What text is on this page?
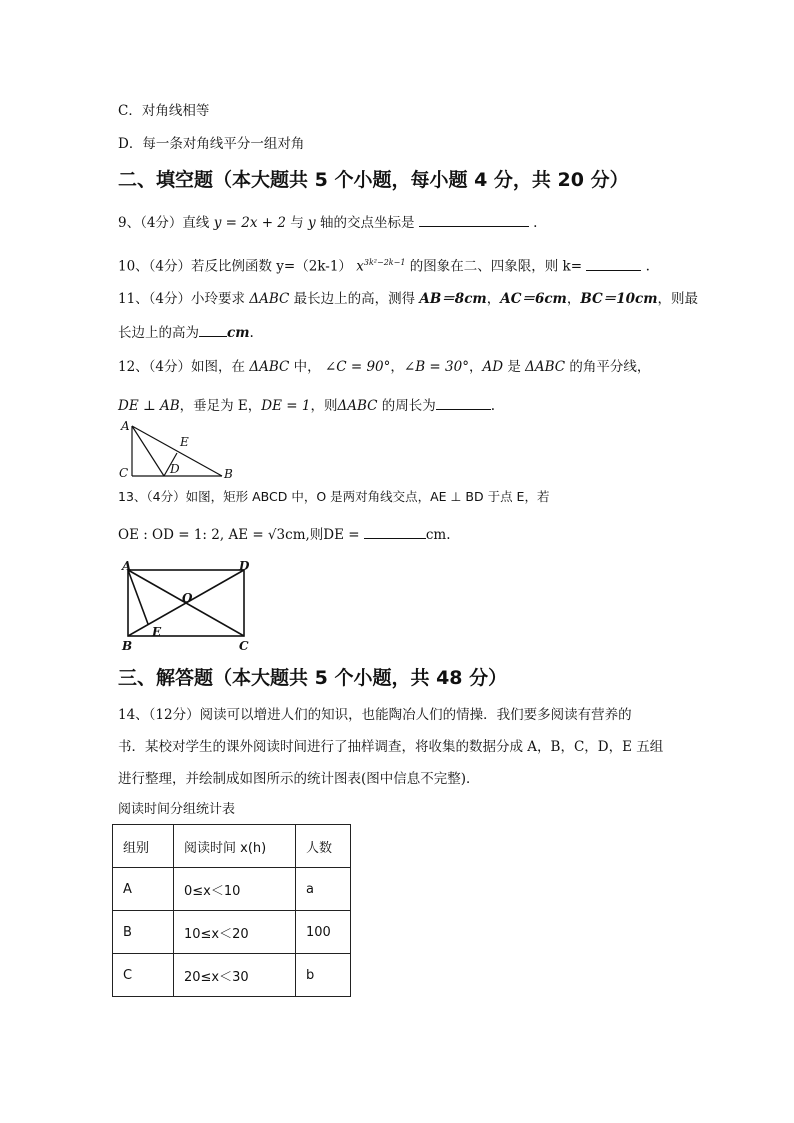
C．对角线相等
D．每一条对角线平分一组对角
二、填空题（本大题共 5 个小题，每小题 4 分，共 20 分）
9、（4分）直线 y = 2x + 2 与 y 轴的交点坐标是	.
10、（4分）若反比例函数 y=（2k-1） $x^{3k^2-2k-1}$ 的图象在二、四象限，则 k=	.
11、（4分）小玲要求 ΔABC 最长边上的高，测得 AB＝8cm，AC＝6cm，BC＝10cm，则最
长边上的高为 cm.
12、（4分）如图，在 ΔABC 中， ∠C = 90°，∠B = 30°，AD 是 ΔABC 的角平分线，
DE ⊥ AB，垂足为 E，DE = 1，则ΔABC 的周长为	.
A
C	B
D
E
13、（4分）如图，矩形 ABCD 中，O 是两对角线交点，AE ⊥ BD 于点 E，若
OE : OD = 1: 2, AE = √3cm,则DE =	cm.
A	D
B	C
O
E
三、解答题（本大题共 5 个小题，共 48 分）
14、（12分）阅读可以增进人们的知识，也能陶冶人们的情操．我们要多阅读有营养的
书．某校对学生的课外阅读时间进行了抽样调查，将收集的数据分成 A，B，C，D，E 五组
进行整理，并绘制成如图所示的统计图表(图中信息不完整)．
阅读时间分组统计表
组别	阅读时间 x(h)	人数
A	0≤x＜10	a
B	10≤x＜20	100
C	20≤x＜30	b
